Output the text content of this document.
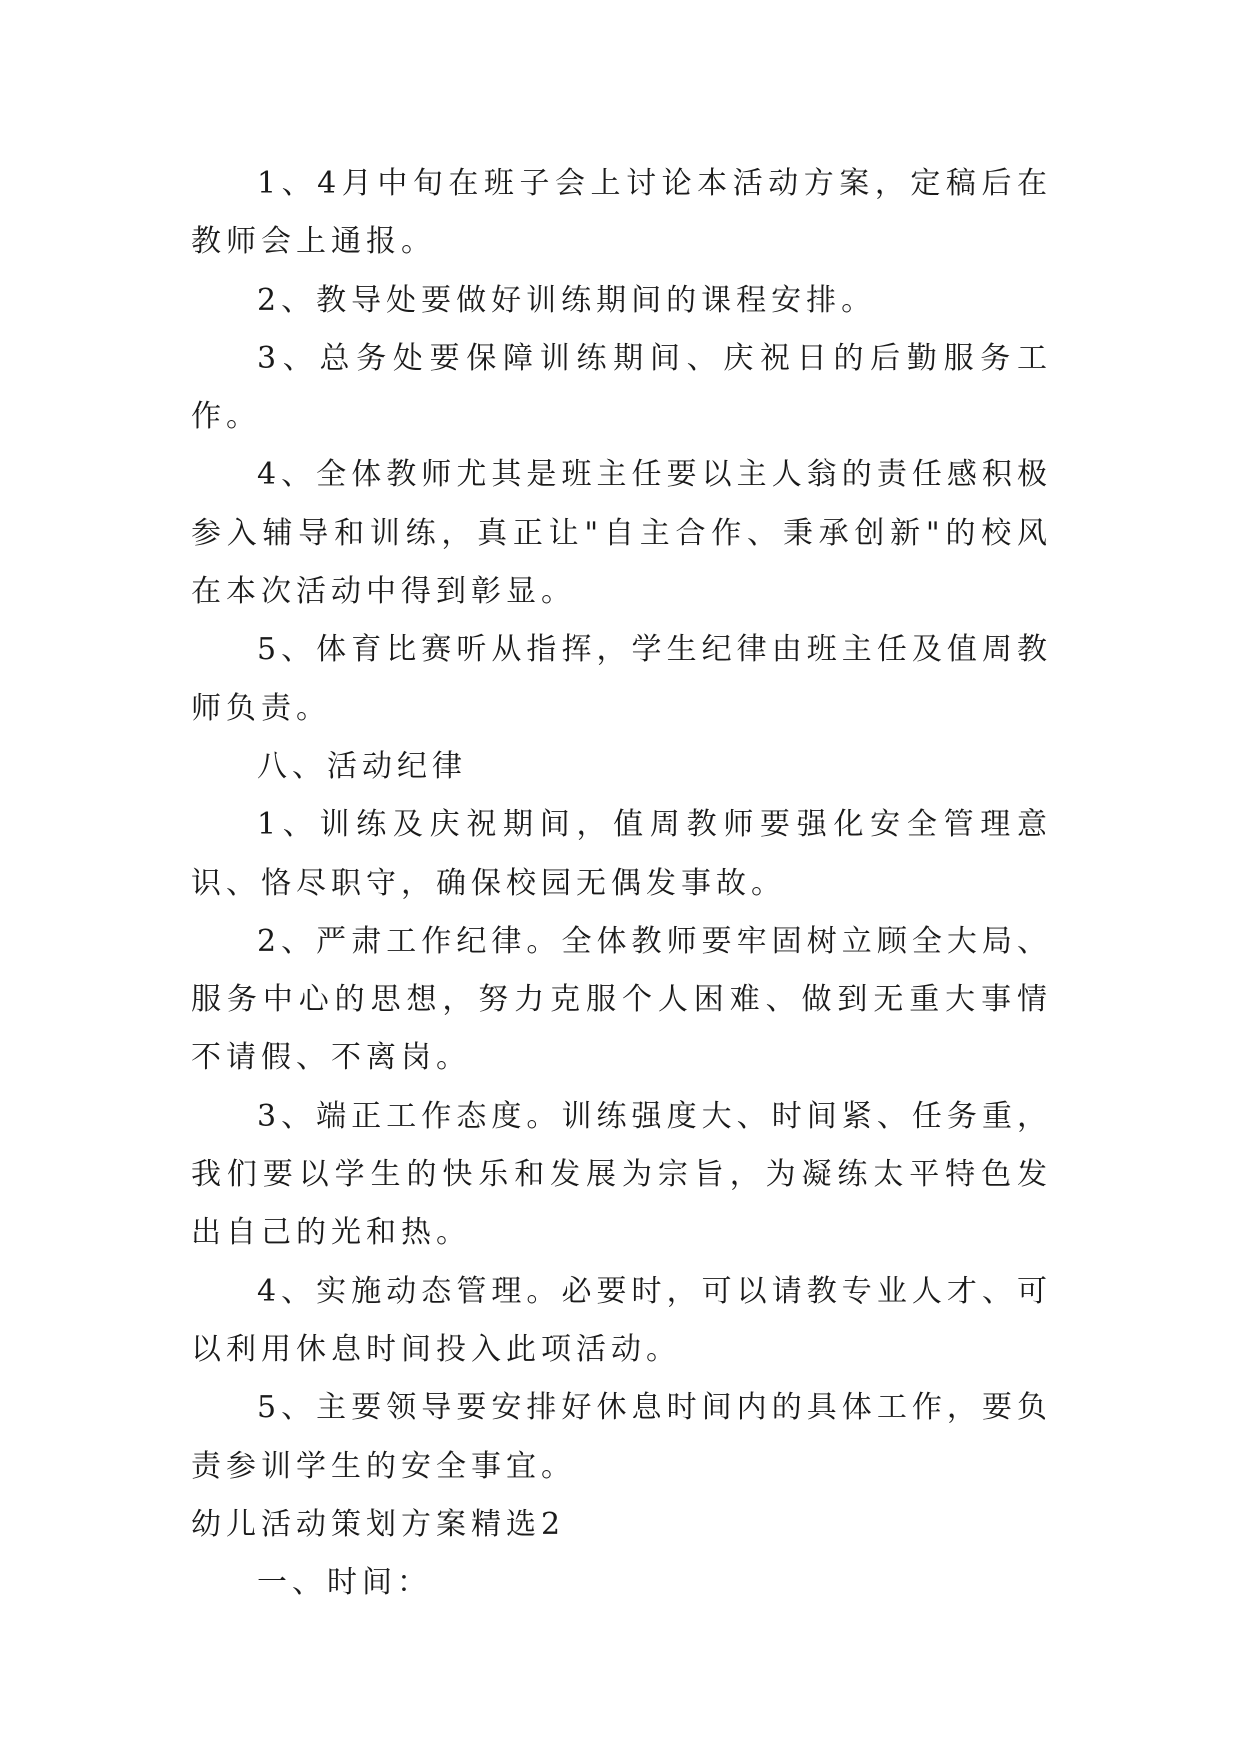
1、4月中旬在班子会上讨论本活动方案，定稿后在教师会上通报。

2、教导处要做好训练期间的课程安排。

3、总务处要保障训练期间、庆祝日的后勤服务工作。

4、全体教师尤其是班主任要以主人翁的责任感积极参入辅导和训练，真正让"自主合作、秉承创新"的校风在本次活动中得到彰显。

5、体育比赛听从指挥，学生纪律由班主任及值周教师负责。

八、活动纪律

1、训练及庆祝期间，值周教师要强化安全管理意识、恪尽职守，确保校园无偶发事故。

2、严肃工作纪律。全体教师要牢固树立顾全大局、服务中心的思想，努力克服个人困难、做到无重大事情不请假、不离岗。

3、端正工作态度。训练强度大、时间紧、任务重，我们要以学生的快乐和发展为宗旨，为凝练太平特色发出自己的光和热。

4、实施动态管理。必要时，可以请教专业人才、可以利用休息时间投入此项活动。

5、主要领导要安排好休息时间内的具体工作，要负责参训学生的安全事宜。

幼儿活动策划方案精选2

一、时间：
